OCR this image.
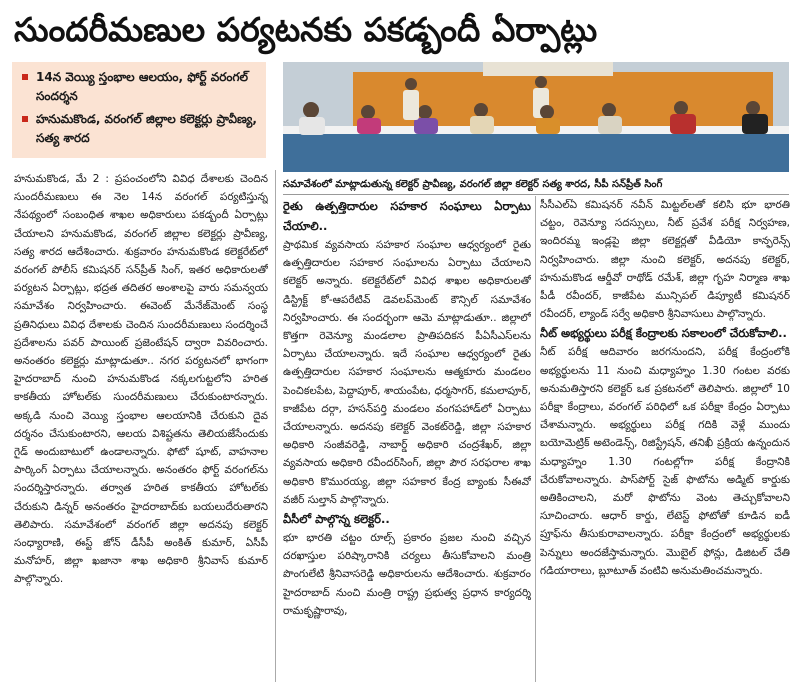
సుందరీమణుల పర్యటనకు పకడ్బందీ ఏర్పాట్లు
14న వెయ్యి స్తంభాల ఆలయం, ఫోర్ట్ వరంగల్ సందర్శన
హనుమకొండ, వరంగల్ జిల్లాల కలెక్టర్లు ప్రావీణ్య, సత్య శారద
సమావేశంలో మాట్లాడుతున్న కలెక్టర్ ప్రావీణ్య, వరంగల్ జిల్లా కలెక్టర్ సత్య శారద, సీపీ సన్‌ప్రీత్ సింగ్

హనుమకొండ, మే 2 : ప్రపంచంలోని వివిధ దేశాలకు చెందిన సుందరీమణులు ఈ నెల 14న వరంగల్ పర్యటిస్తున్న నేపథ్యంలో సంబంధిత శాఖల అధికారులు పకడ్బందీ ఏర్పాట్లు చేయాలని హనుమకొండ, వరంగల్ జిల్లాల కలెక్టర్లు ప్రావీణ్య, సత్య శారద ఆదేశించారు. శుక్రవారం హనుమకొండ కలెక్టరేట్‌లో వరంగల్ పోలీస్ కమిషనర్ సన్‌ప్రీత్ సింగ్, ఇతర అధికారులతో పర్యటన ఏర్పాట్లు, భద్రత తదితర అంశాలపై వారు సమన్వయ సమావేశం నిర్వహించారు. ఈవెంట్ మేనేజ్‌మెంట్ సంస్థ ప్రతినిధులు వివిధ దేశాలకు చెందిన సుందరీమణులు సందర్శించే ప్రదేశాలను పవర్ పాయింట్ ప్రజెంటేషన్ ద్వారా వివరించారు. అనంతరం కలెక్టర్లు మాట్లాడుతూ.. నగర పర్యటనలో భాగంగా హైదరాబాద్ నుంచి హనుమకొండ నక్కలగుట్టలోని హరిత కాకతీయ హోటల్‌కు సుందరీమణులు చేరుకుంటారన్నారు. అక్కడి నుంచి వెయ్యి స్తంభాల ఆలయానికి చేరుకుని దైవ దర్శనం చేసుకుంటారని, ఆలయ విశిష్టతను తెలియజేసేందుకు గైడ్ అందుబాటులో ఉండాలన్నారు. ఫోటో షూట్, వాహనాల పార్కింగ్ ఏర్పాటు చేయాలన్నారు. అనంతరం ఫోర్ట్ వరంగల్‌ను సందర్శిస్తారన్నారు. తర్వాత హరిత కాకతీయ హోటల్‌కు చేరుకుని డిన్నర్ అనంతరం హైదరాబాద్‌కు బయలుదేరుతారని తెలిపారు. సమావేశంలో వరంగల్ జిల్లా అదనపు కలెక్టర్ సంధ్యారాణి, ఈస్ట్ జోన్ డీసీపీ అంకిత్ కుమార్, ఏసీపీ మనోహర్, జిల్లా ఖజానా శాఖ అధికారి శ్రీనివాస్ కుమార్ పాల్గొన్నారు.

రైతు ఉత్పత్తిదారుల సహకార సంఘాలు ఏర్పాటు చేయాలి..

ప్రాథమిక వ్యవసాయ సహకార సంఘాల ఆధ్వర్యంలో రైతు ఉత్పత్తిదారుల సహకార సంఘాలను ఏర్పాటు చేయాలని కలెక్టర్ అన్నారు. కలెక్టరేట్‌లో వివిధ శాఖల అధికారులతో డిస్ట్రిక్ట్ కో-ఆపరేటివ్ డెవలప్‌మెంట్ కౌన్సిల్ సమావేశం నిర్వహించారు. ఈ సందర్భంగా ఆమె మాట్లాడుతూ.. జిల్లాలో కొత్తగా రెవెన్యూ మండలాల ప్రాతిపదికన పీఏసీఎస్‌లను ఏర్పాటు చేయాలన్నారు. ఇదే సంఘాల ఆధ్వర్యంలో రైతు ఉత్పత్తిదారుల సహకార సంఘాలను ఆత్మకూరు మండలం పెంచికలపేట, పెద్దాపూర్, శాయంపేట, ధర్మసాగర్, కమలాపూర్, కాజీపేట దర్గా, హసన్‌పర్తి మండలం వంగపహాడ్‌లో ఏర్పాటు చేయాలన్నారు. అదనపు కలెక్టర్ వెంకట్‌రెడ్డి, జిల్లా సహకార అధికారి సంజీవరెడ్డి, నాబార్డ్ అధికారి చంద్రశేఖర్, జిల్లా వ్యవసాయ అధికారి రవీందర్‌సింగ్, జిల్లా పౌర సరఫరాల శాఖ అధికారి కొమురయ్య, జిల్లా సహకార కేంద్ర బ్యాంకు సీఈవో వజీర్ సుల్తాన్ పాల్గొన్నారు.

వీసీలో పాల్గొన్న కలెక్టర్..

భూ భారతి చట్టం రూల్స్ ప్రకారం ప్రజల నుంచి వచ్చిన దరఖాస్తుల పరిష్కారానికి చర్యలు తీసుకోవాలని మంత్రి పొంగులేటి శ్రీనివాసరెడ్డి అధికారులను ఆదేశించారు. శుక్రవారం హైదరాబాద్ నుంచి మంత్రి రాష్ట్ర ప్రభుత్వ ప్రధాన కార్యదర్శి రామకృష్ణారావు,

సీసీఎల్‌ఏ కమిషనర్ నవీన్ మిట్టల్‌లతో కలిసి భూ భారతి చట్టం, రెవెన్యూ సదస్సులు, నీట్ ప్రవేశ పరీక్ష నిర్వహణ, ఇందిరమ్మ ఇండ్లపై జిల్లా కలెక్టర్లతో వీడియో కాన్ఫరెన్స్ నిర్వహించారు. జిల్లా నుంచి కలెక్టర్, అదనపు కలెక్టర్, హనుమకొండ ఆర్డీవో రాథోడ్ రమేశ్, జిల్లా గృహ నిర్మాణ శాఖ పీడీ రవీందర్, కాజీపేట మున్సిపల్ డిప్యూటీ కమిషనర్ రవీందర్, ల్యాండ్ సర్వే అధికారి శ్రీనివాసులు పాల్గొన్నారు.

నీట్ అభ్యర్థులు పరీక్ష కేంద్రాలకు సకాలంలో చేరుకోవాలి..

నీట్ పరీక్ష ఆదివారం జరగనుందని, పరీక్ష కేంద్రంలోకి అభ్యర్థులను 11 నుంచి మధ్యాహ్నం 1.30 గంటల వరకు అనుమతిస్తారని కలెక్టర్ ఒక ప్రకటనలో తెలిపారు. జిల్లాలో 10 పరీక్షా కేంద్రాలు, వరంగల్ పరిధిలో ఒక పరీక్షా కేంద్రం ఏర్పాటు చేశామన్నారు. అభ్యర్థులు పరీక్ష గదికి వెళ్లే ముందు బయోమెట్రిక్ అటెండెన్స్, రిజిస్ట్రేషన్, తనిఖీ ప్రక్రియ ఉన్నందున మధ్యాహ్నం 1.30 గంటల్లోగా పరీక్ష కేంద్రానికి చేరుకోవాలన్నారు. పాస్‌పోర్ట్ సైజ్ ఫొటోను అడ్మిట్ కార్డుకు అతికించాలని, మరో ఫొటోను వెంట తెచ్చుకోవాలని సూచించారు. ఆధార్ కార్డు, లేటెస్ట్ ఫోటోతో కూడిన ఐడీ ప్రూఫ్‌ను తీసుకురావాలన్నారు. పరీక్షా కేంద్రంలో అభ్యర్థులకు పెన్నులు అందజేస్తామన్నారు. మొబైల్ ఫోన్లు, డిజిటల్ చేతి గడియారాలు, బ్లూటూత్ వంటివి అనుమతించమన్నారు.
